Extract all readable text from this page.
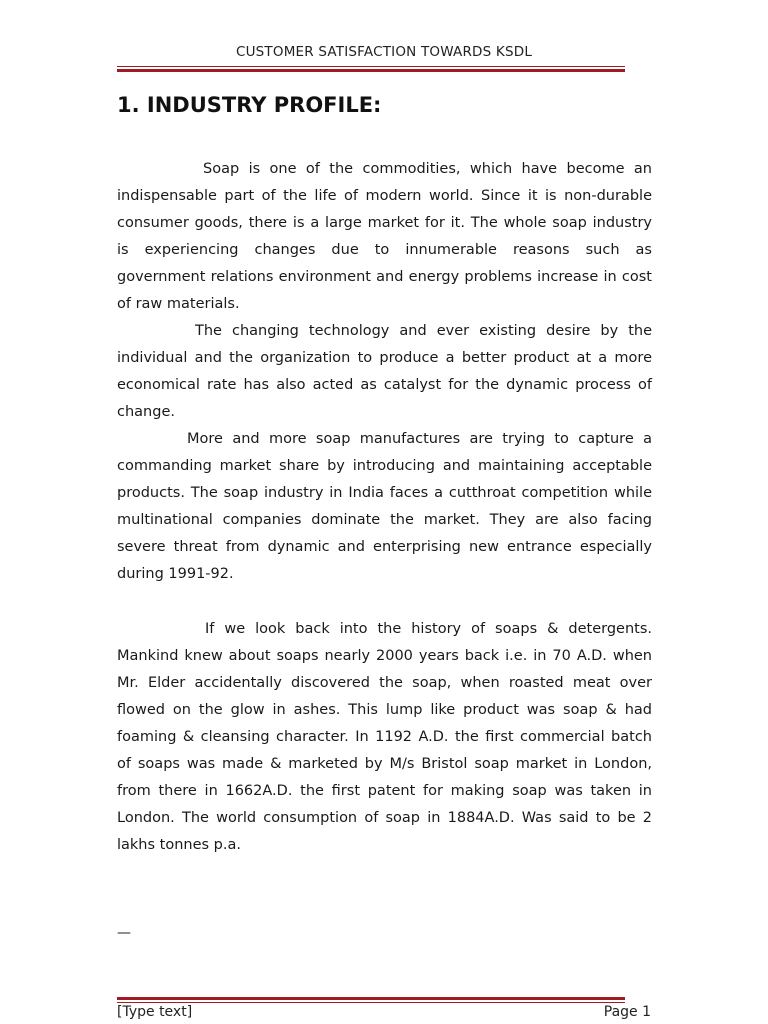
CUSTOMER SATISFACTION TOWARDS KSDL
1. INDUSTRY PROFILE:

Soap is one of the commodities, which have become an indispensable part of the life of modern world. Since it is non-durable consumer goods, there is a large market for it. The whole soap industry is experiencing changes due to innumerable reasons such as government relations environment and energy problems increase in cost of raw materials.

The changing technology and ever existing desire by the individual and the organization to produce a better product at a more economical rate has also acted as catalyst for the dynamic process of change.

More and more soap manufactures are trying to capture a commanding market share by introducing and maintaining acceptable products. The soap industry in India faces a cutthroat competition while multinational companies dominate the market. They are also facing severe threat from dynamic and enterprising new entrance especially during 1991-92.

If we look back into the history of soaps & detergents. Mankind knew about soaps nearly 2000 years back i.e. in 70 A.D. when Mr. Elder accidentally discovered the soap, when roasted meat over flowed on the glow in ashes. This lump like product was soap & had foaming & cleansing character. In 1192 A.D. the first commercial batch of soaps was made & marketed by M/s Bristol soap market in London, from there in 1662A.D. the first patent for making soap was taken in London. The world consumption of soap in 1884A.D. Was said to be 2 lakhs tonnes p.a.

—
[Type text]	Page 1
